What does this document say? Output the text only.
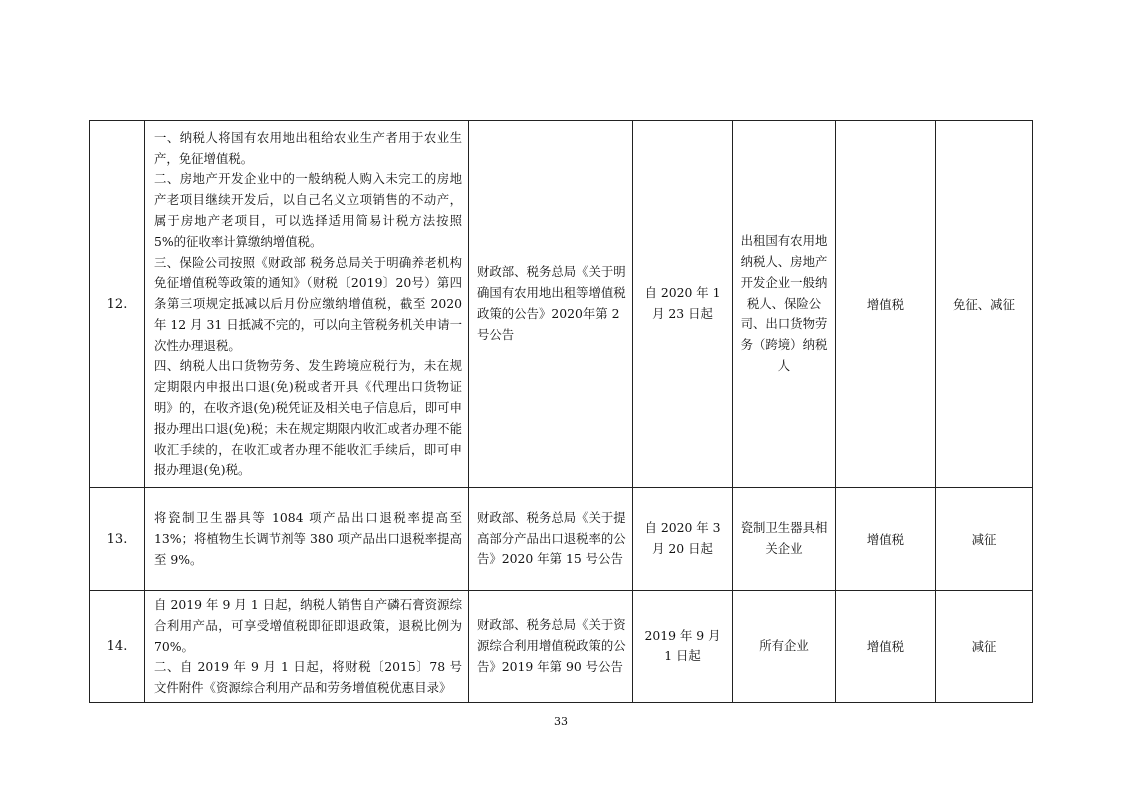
12.	一、纳税人将国有农用地出租给农业生产者用于农业生产，免征增值税。

二、房地产开发企业中的一般纳税人购入未完工的房地产老项目继续开发后，以自己名义立项销售的不动产，属于房地产老项目，可以选择适用简易计税方法按照 5%的征收率计算缴纳增值税。

三、保险公司按照《财政部 税务总局关于明确养老机构免征增值税等政策的通知》（财税〔2019〕20号）第四条第三项规定抵减以后月份应缴纳增值税，截至 2020 年 12 月 31 日抵减不完的，可以向主管税务机关申请一次性办理退税。

四、纳税人出口货物劳务、发生跨境应税行为，未在规定期限内申报出口退(免)税或者开具《代理出口货物证明》的，在收齐退(免)税凭证及相关电子信息后，即可申报办理出口退(免)税；未在规定期限内收汇或者办理不能收汇手续的，在收汇或者办理不能收汇手续后，即可申报办理退(免)税。	财政部、税务总局《关于明确国有农用地出租等增值税政策的公告》2020年第 2 号公告	自 2020 年 1 月 23 日起	出租国有农用地纳税人、房地产开发企业一般纳税人、保险公司、出口货物劳务（跨境）纳税人	增值税	免征、减征
13.	将瓷制卫生器具等 1084 项产品出口退税率提高至13%；将植物生长调节剂等 380 项产品出口退税率提高至 9%。	财政部、税务总局《关于提高部分产品出口退税率的公告》2020 年第 15 号公告	自 2020 年 3 月 20 日起	瓷制卫生器具相关企业	增值税	减征
14.	自 2019 年 9 月 1 日起，纳税人销售自产磷石膏资源综合利用产品，可享受增值税即征即退政策，退税比例为 70%。

二、自 2019 年 9 月 1 日起，将财税〔2015〕78 号文件附件《资源综合利用产品和劳务增值税优惠目录》	财政部、税务总局《关于资源综合利用增值税政策的公告》2019 年第 90 号公告	2019 年 9 月 1 日起	所有企业	增值税	减征
33
